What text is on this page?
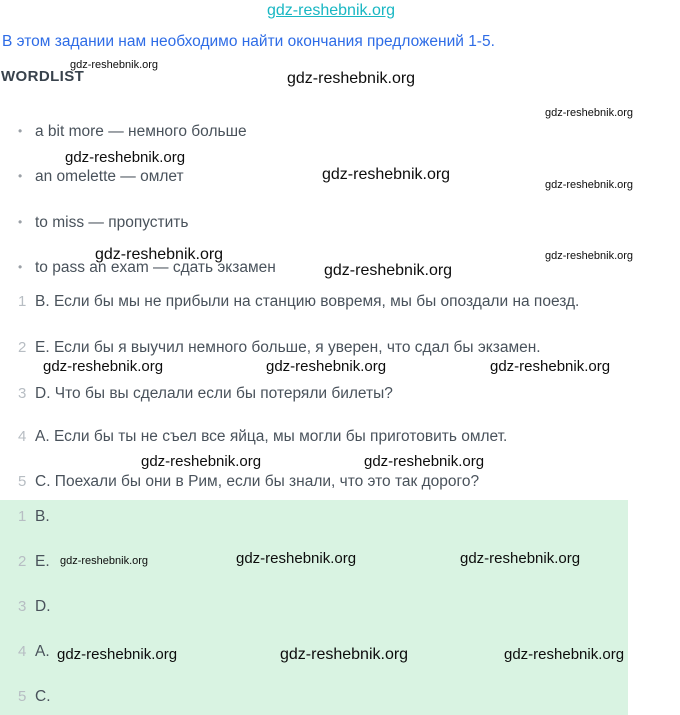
gdz-reshebnik.org
gdz-reshebnik.org
gdz-reshebnik.org
gdz-reshebnik.org
gdz-reshebnik.org
gdz-reshebnik.org
gdz-reshebnik.org
gdz-reshebnik.org	gdz-reshebnik.org
gdz-reshebnik.org
gdz-reshebnik.org	gdz-reshebnik.org	gdz-reshebnik.org
gdz-reshebnik.org	gdz-reshebnik.org
В этом задании нам необходимо найти окончания предложений 1-5.
WORDLIST
• a bit more — немного больше
• an omelette — омлет
• to miss — пропустить
• to pass an exam — сдать экзамен
1 B. Если бы мы не прибыли на станцию вовремя, мы бы опоздали на поезд.
2 E. Если бы я выучил немного больше, я уверен, что сдал бы экзамен.
3 D. Что бы вы сделали если бы потеряли билеты?
4 A. Если бы ты не съел все яйца, мы могли бы приготовить омлет.
5 C. Поехали бы они в Рим, если бы знали, что это так дорого?
1 B.
2 E.
3 D.
4 A.
5 C.
gdz-reshebnik.org	gdz-reshebnik.org	gdz-reshebnik.org
gdz-reshebnik.org	gdz-reshebnik.org	gdz-reshebnik.org
